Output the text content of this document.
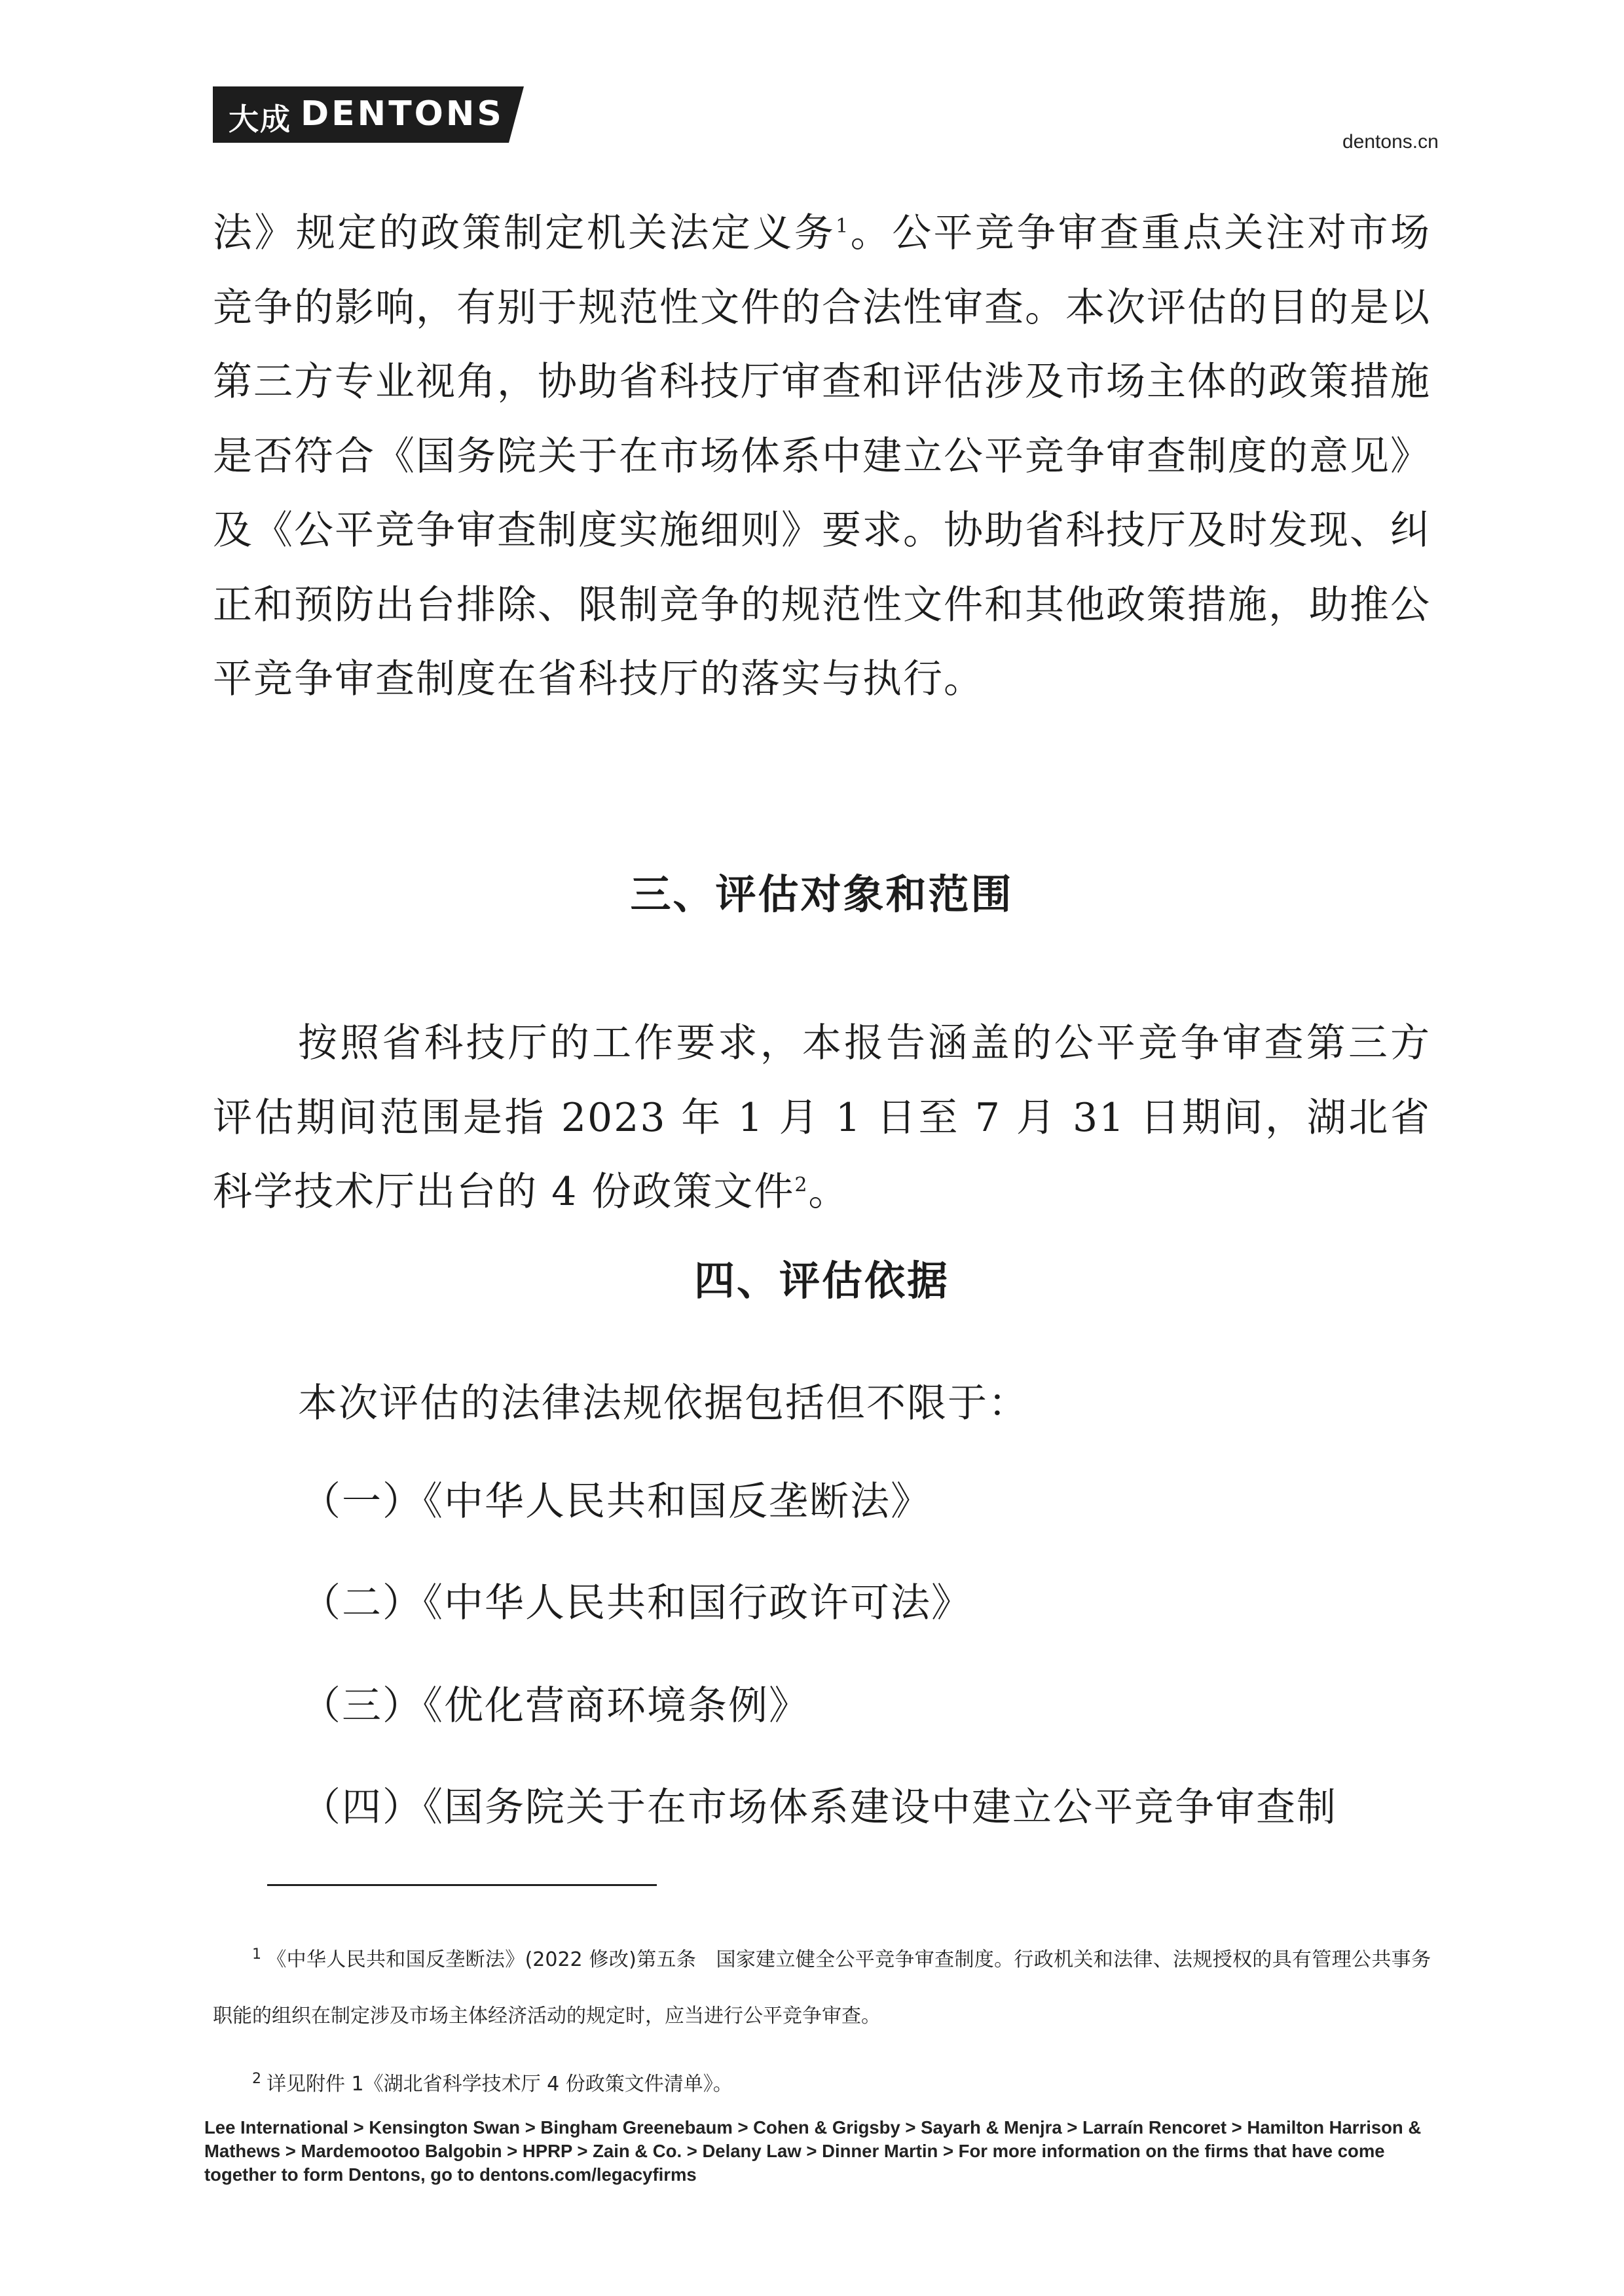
大成 DENTONS
dentons.cn
法》规定的政策制定机关法定义务$^1$。公平竞争审查重点关注对市场竞争的影响，有别于规范性文件的合法性审查。本次评估的目的是以第三方专业视角，协助省科技厅审查和评估涉及市场主体的政策措施是否符合《国务院关于在市场体系中建立公平竞争审查制度的意见》及《公平竞争审查制度实施细则》要求。协助省科技厅及时发现、纠正和预防出台排除、限制竞争的规范性文件和其他政策措施，助推公平竞争审查制度在省科技厅的落实与执行。
三、评估对象和范围
按照省科技厅的工作要求，本报告涵盖的公平竞争审查第三方评估期间范围是指 2023 年 1 月 1 日至 7 月 31 日期间，湖北省科学技术厅出台的 4 份政策文件$^2$。
四、评估依据
本次评估的法律法规依据包括但不限于：
（一）《中华人民共和国反垄断法》
（二）《中华人民共和国行政许可法》
（三）《优化营商环境条例》
（四）《国务院关于在市场体系建设中建立公平竞争审查制
$^1$ 《中华人民共和国反垄断法》(2022 修改)第五条　国家建立健全公平竞争审查制度。行政机关和法律、法规授权的具有管理公共事务职能的组织在制定涉及市场主体经济活动的规定时，应当进行公平竞争审查。
$^2$ 详见附件 1《湖北省科学技术厅 4 份政策文件清单》。
Lee International > Kensington Swan > Bingham Greenebaum > Cohen & Grigsby > Sayarh & Menjra > Larraín Rencoret > Hamilton Harrison & Mathews > Mardemootoo Balgobin > HPRP > Zain & Co. > Delany Law > Dinner Martin > For more information on the firms that have come together to form Dentons, go to dentons.com/legacyfirms
